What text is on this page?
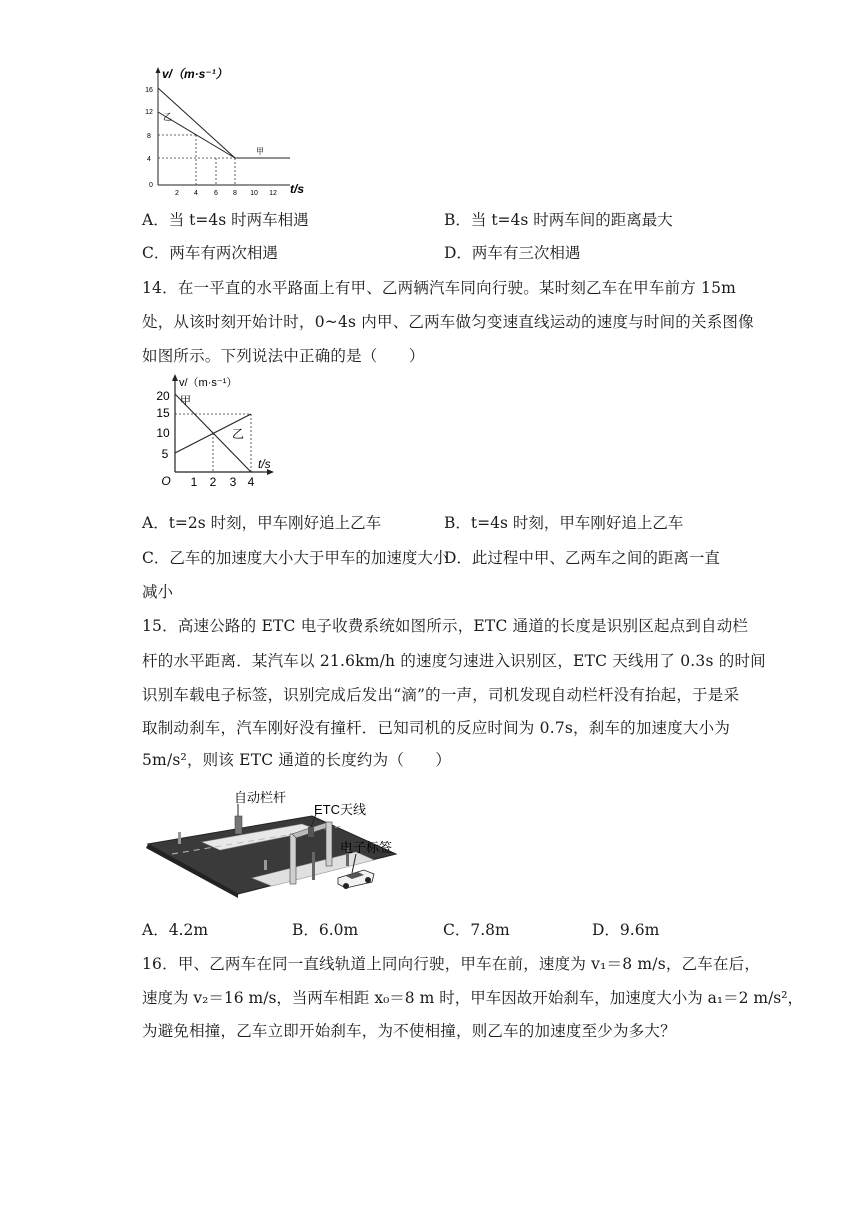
v/（m·s⁻¹）
16
12
8
4
0
2 4 6 8 10 12 t/s
乙
甲
A．当 t=4s 时两车相遇	B．当 t=4s 时两车间的距离最大
C．两车有两次相遇	D．两车有三次相遇
14．在一平直的水平路面上有甲、乙两辆汽车同向行驶。某时刻乙车在甲车前方 15m
处，从该时刻开始计时，0~4s 内甲、乙两车做匀变速直线运动的速度与时间的关系图像
如图所示。下列说法中正确的是（　　）
v/（m·s⁻¹）
20
15
10
5
O 1 2 3 4
t/s
甲
乙
A．t=2s 时刻，甲车刚好追上乙车	B．t=4s 时刻，甲车刚好追上乙车
C．乙车的加速度大小大于甲车的加速度大小
D．此过程中甲、乙两车之间的距离一直
减小
15．高速公路的 ETC 电子收费系统如图所示，ETC 通道的长度是识别区起点到自动栏
杆的水平距离．某汽车以 21.6km/h 的速度匀速进入识别区，ETC 天线用了 0.3s 的时间
识别车载电子标签，识别完成后发出“滴”的一声，司机发现自动栏杆没有抬起，于是采
取制动刹车，汽车刚好没有撞杆．已知司机的反应时间为 0.7s，刹车的加速度大小为
5m/s²，则该 ETC 通道的长度约为（　　）
自动栏杆
ETC天线
电子标签
A．4.2m	B．6.0m	C．7.8m	D．9.6m
16．甲、乙两车在同一直线轨道上同向行驶，甲车在前，速度为 v₁＝8 m/s，乙车在后，
速度为 v₂＝16 m/s，当两车相距 x₀＝8 m 时，甲车因故开始刹车，加速度大小为 a₁＝2 m/s²，
为避免相撞，乙车立即开始刹车，为不使相撞，则乙车的加速度至少为多大？
